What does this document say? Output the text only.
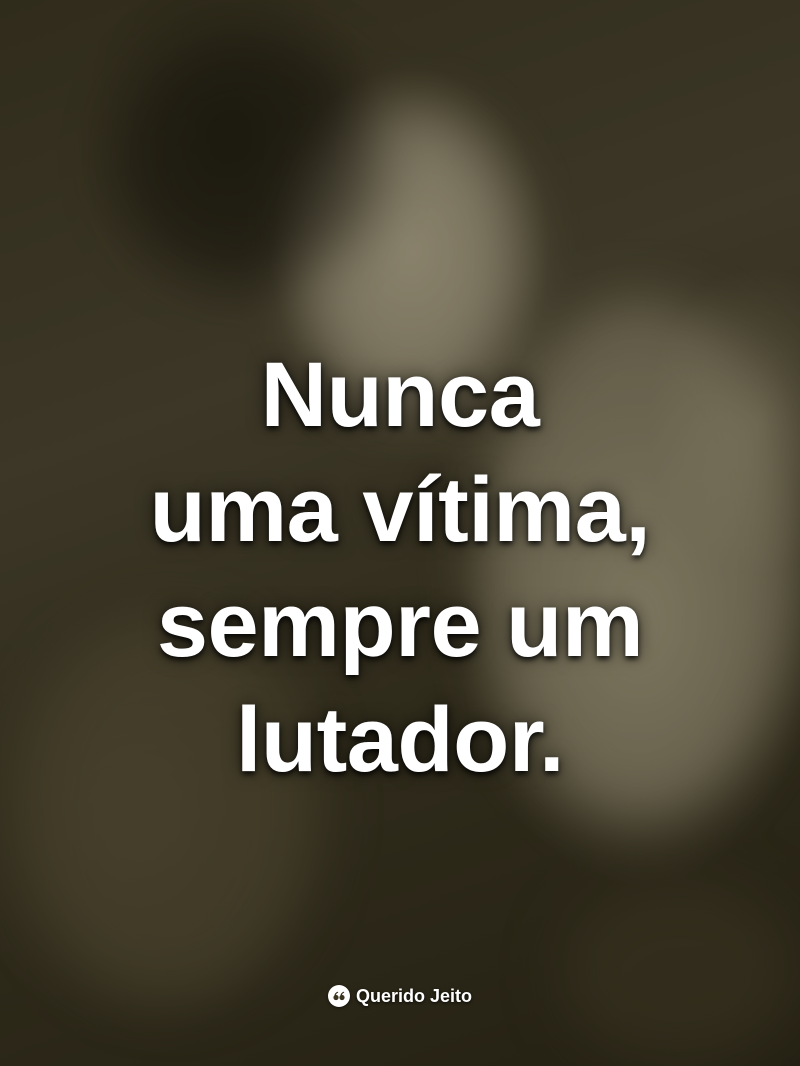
Nunca
uma vítima,
sempre um
lutador.
Querido Jeito
